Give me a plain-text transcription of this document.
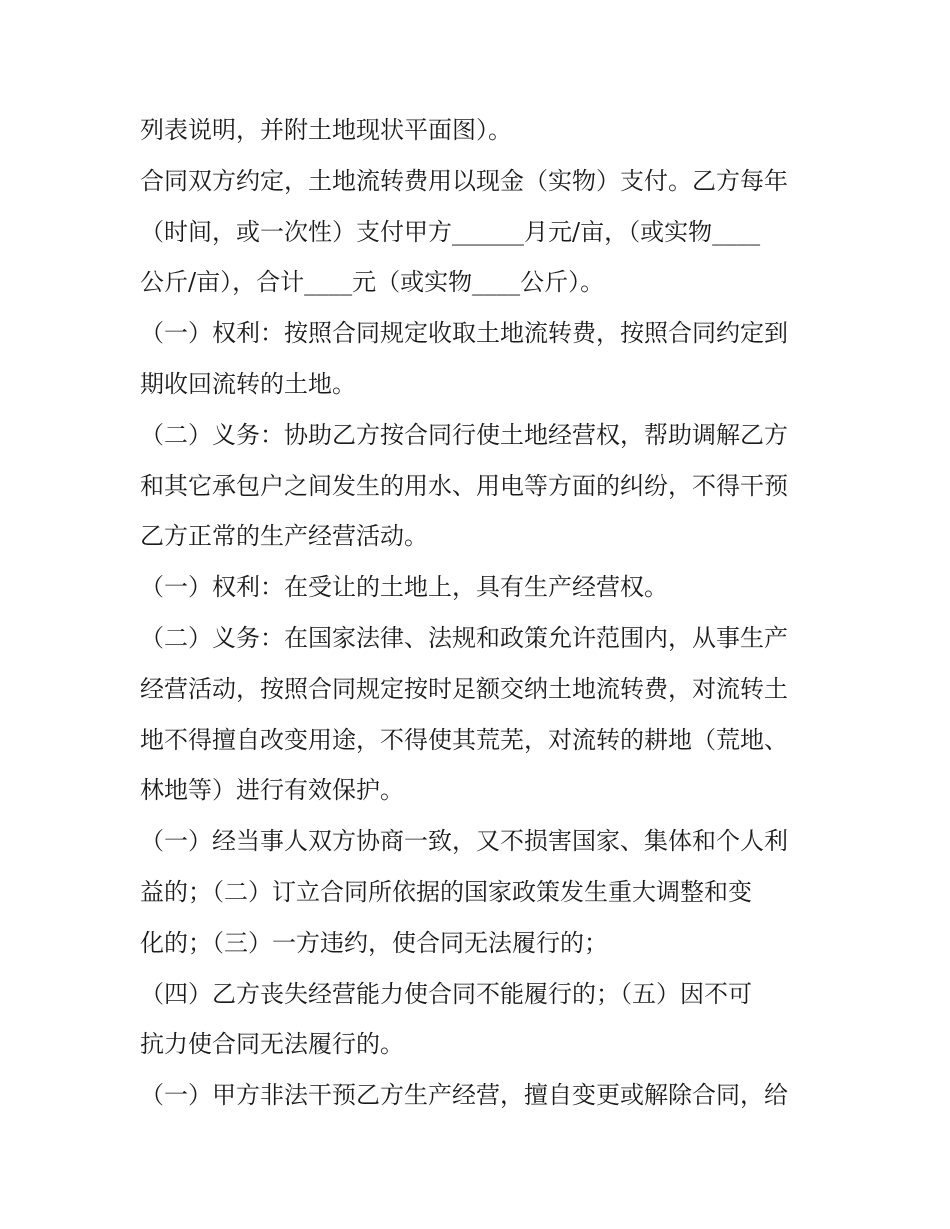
列表说明，并附土地现状平面图）。

合同双方约定，土地流转费用以现金（实物）支付。乙方每年

（时间，或一次性）支付甲方______月元/亩，（或实物____

公斤/亩），合计____元（或实物____公斤）。

（一）权利：按照合同规定收取土地流转费，按照合同约定到

期收回流转的土地。

（二）义务：协助乙方按合同行使土地经营权，帮助调解乙方

和其它承包户之间发生的用水、用电等方面的纠纷，不得干预

乙方正常的生产经营活动。

（一）权利：在受让的土地上，具有生产经营权。

（二）义务：在国家法律、法规和政策允许范围内，从事生产

经营活动，按照合同规定按时足额交纳土地流转费，对流转土

地不得擅自改变用途，不得使其荒芜，对流转的耕地（荒地、

林地等）进行有效保护。

（一）经当事人双方协商一致，又不损害国家、集体和个人利

益的；（二）订立合同所依据的国家政策发生重大调整和变

化的；（三）一方违约，使合同无法履行的；

（四）乙方丧失经营能力使合同不能履行的；（五）因不可

抗力使合同无法履行的。

（一）甲方非法干预乙方生产经营，擅自变更或解除合同，给
